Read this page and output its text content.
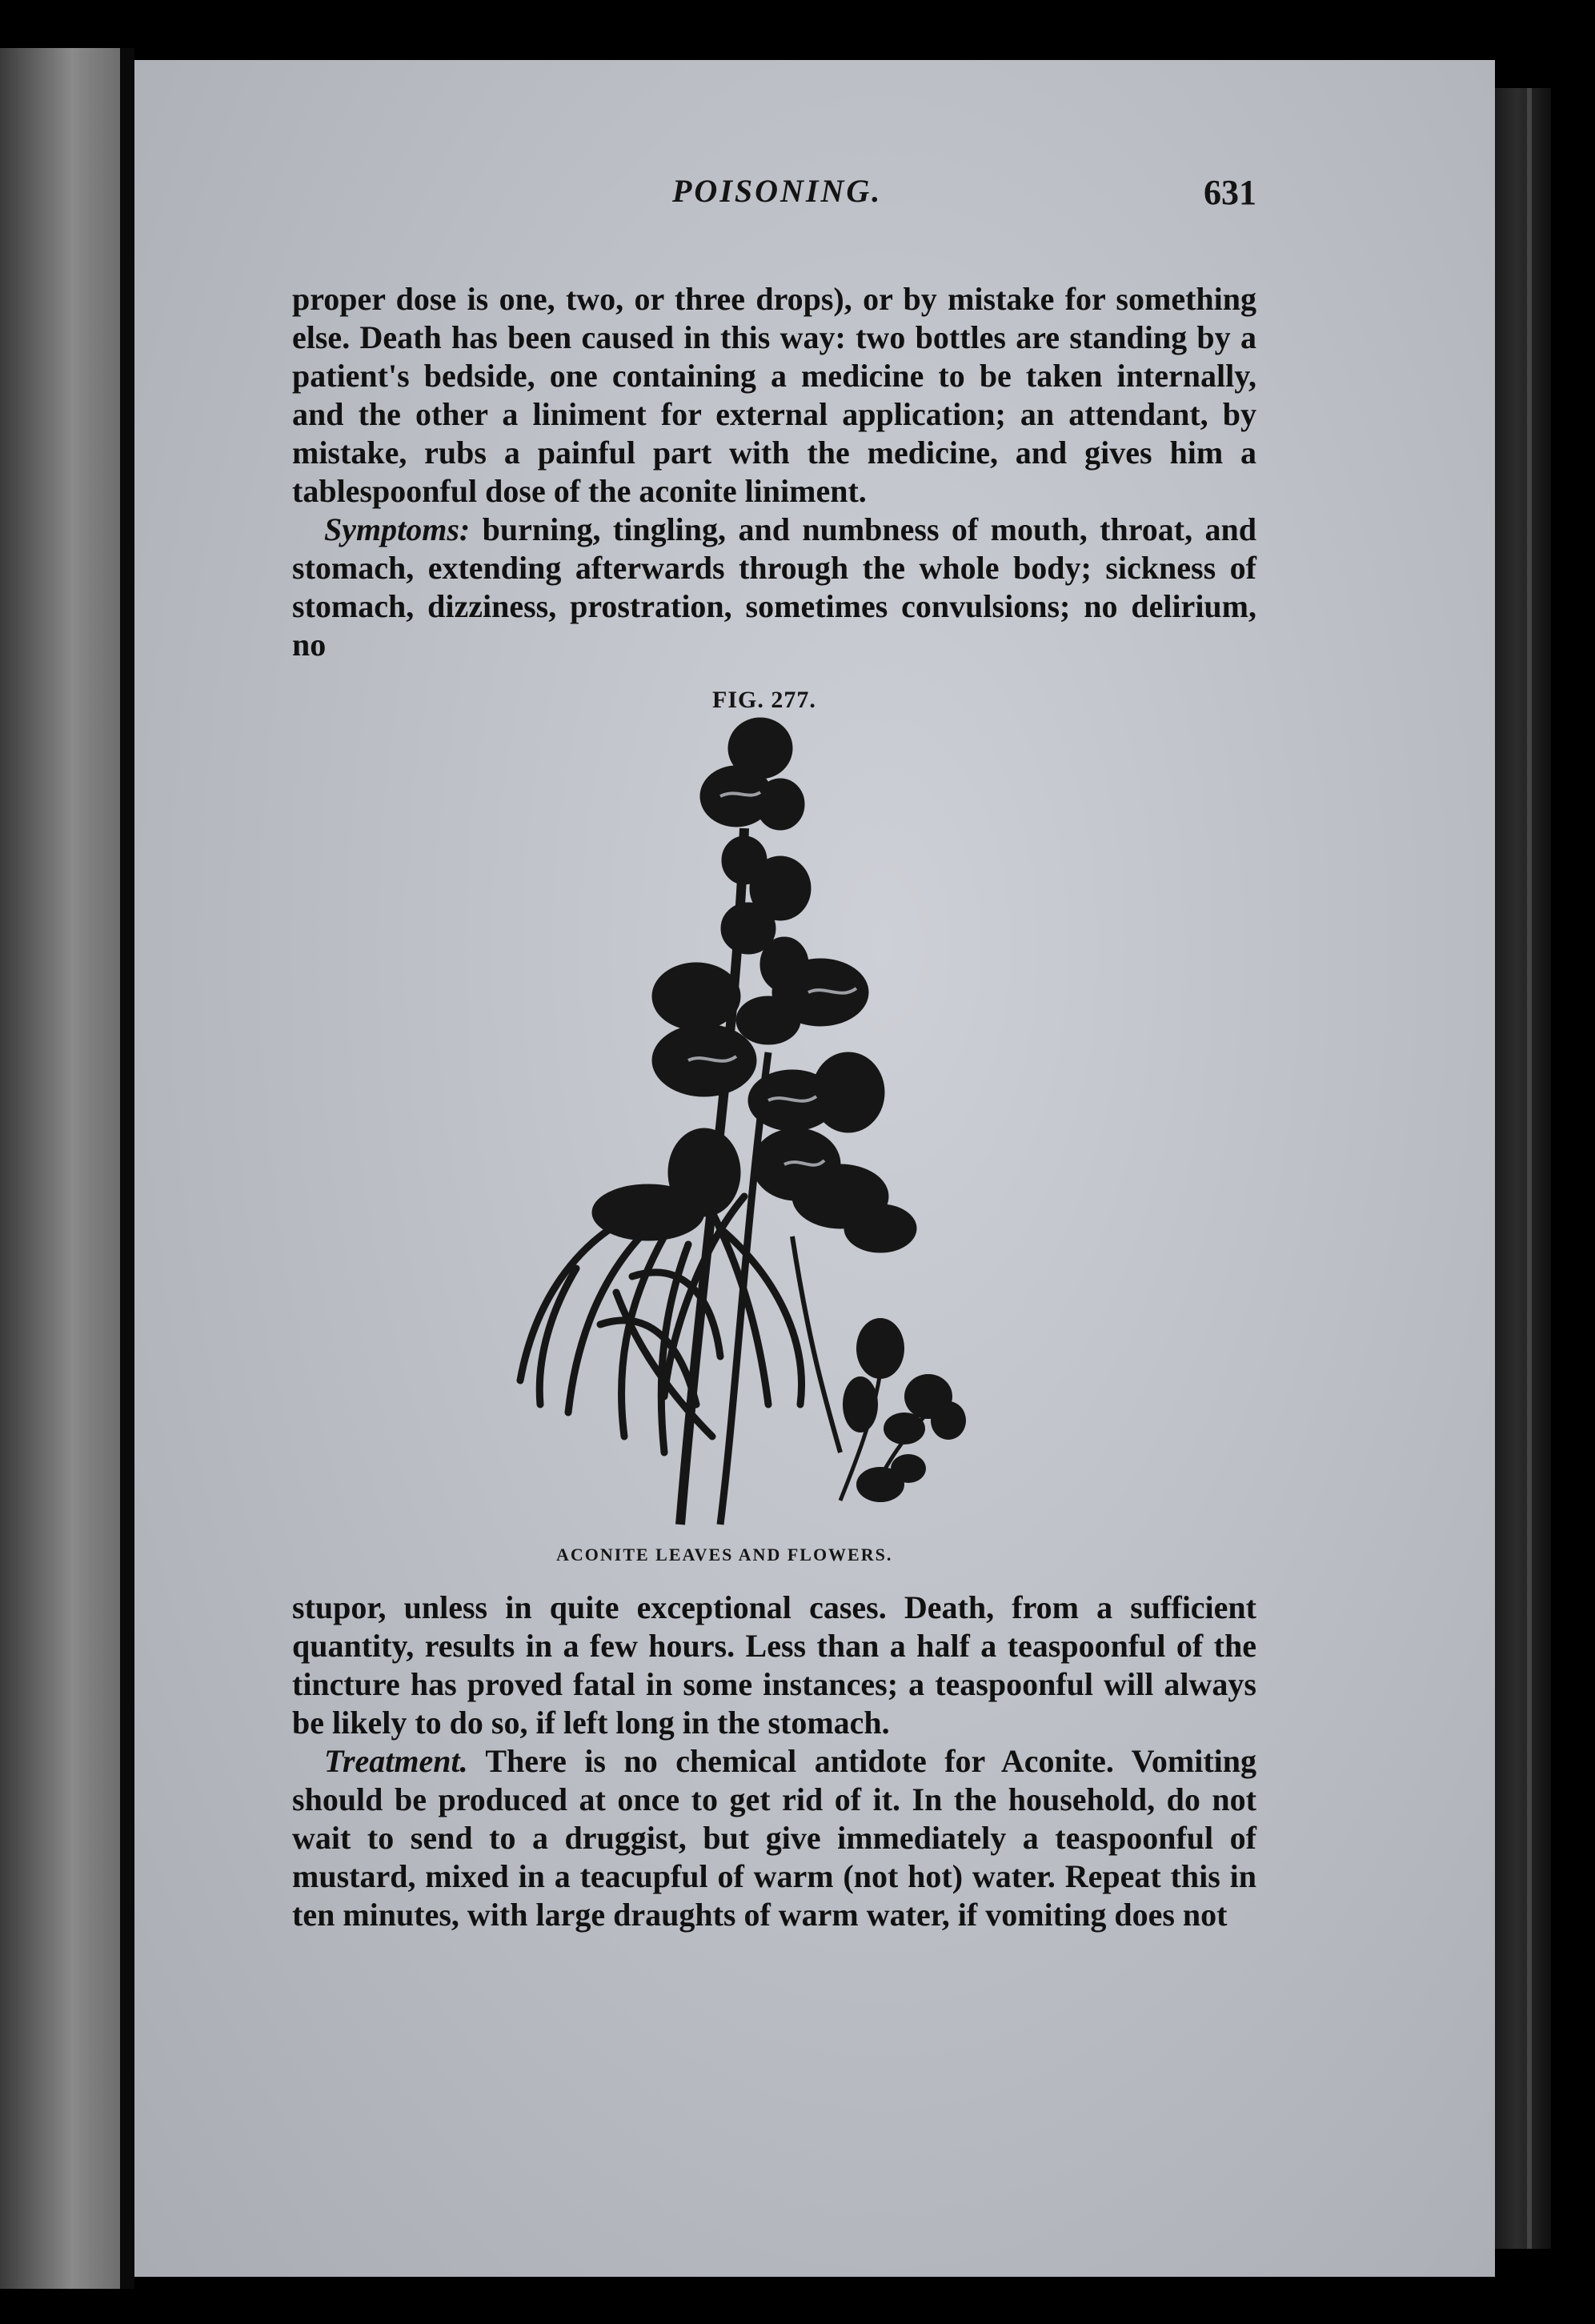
POISONING.	631

proper dose is one, two, or three drops), or by mistake for something else. Death has been caused in this way: two bottles are standing by a patient's bedside, one containing a medicine to be taken internally, and the other a liniment for external application; an attendant, by mistake, rubs a painful part with the medicine, and gives him a tablespoonful dose of the aconite liniment.

Symptoms: burning, tingling, and numbness of mouth, throat, and stomach, extending afterwards through the whole body; sickness of stomach, dizziness, prostration, sometimes convulsions; no delirium, no

FIG. 277.
ACONITE LEAVES AND FLOWERS.

stupor, unless in quite exceptional cases. Death, from a sufficient quantity, results in a few hours. Less than a half a teaspoonful of the tincture has proved fatal in some instances; a teaspoonful will always be likely to do so, if left long in the stomach.

Treatment. There is no chemical antidote for Aconite. Vomiting should be produced at once to get rid of it. In the household, do not wait to send to a druggist, but give immediately a teaspoonful of mustard, mixed in a teacupful of warm (not hot) water. Repeat this in ten minutes, with large draughts of warm water, if vomiting does not
